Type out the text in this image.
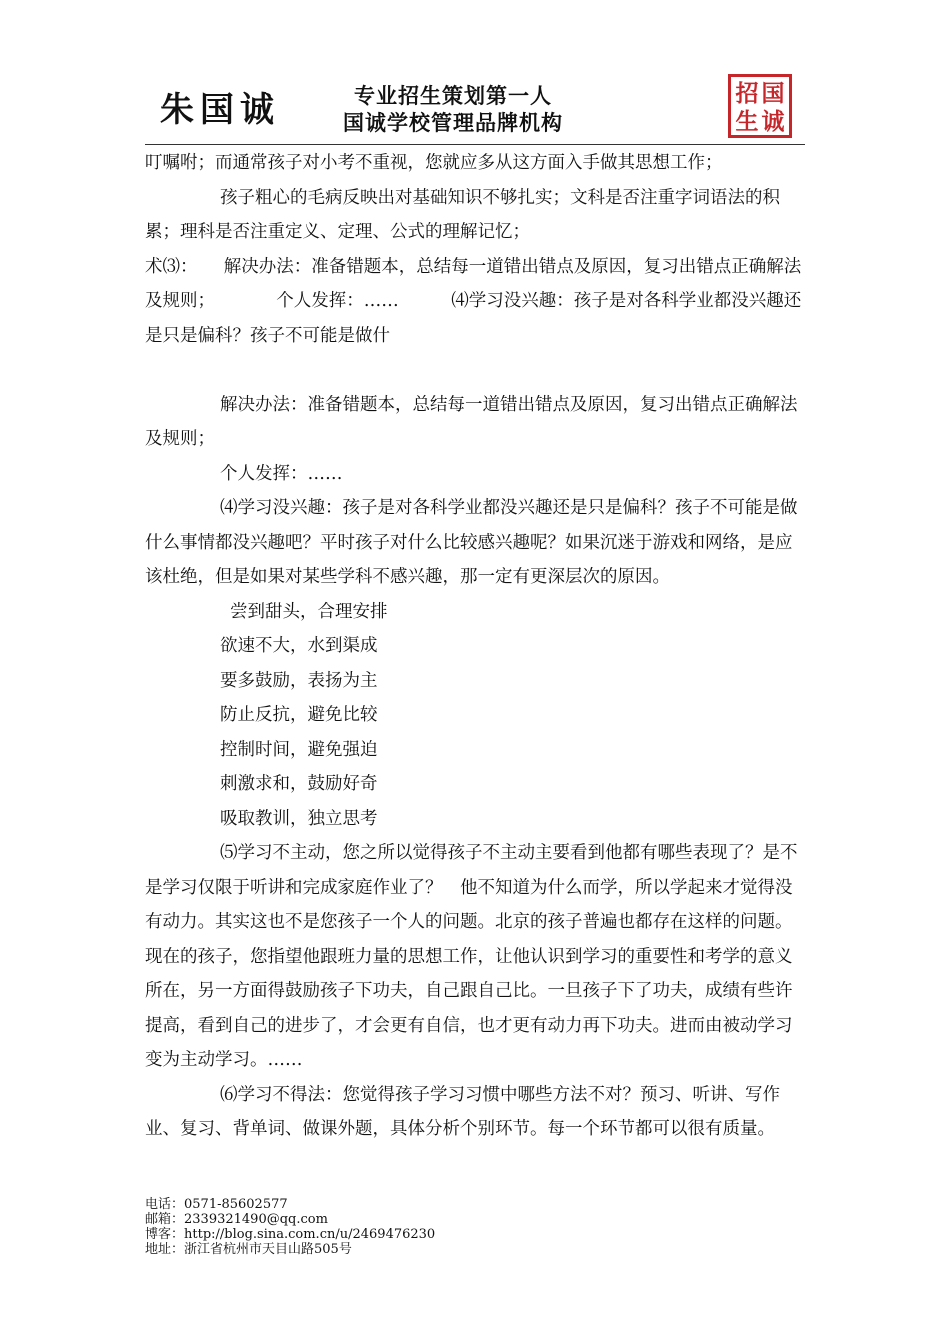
朱国诚	专业招生策划第一人
国诚学校管理品牌机构
招 国
生 诚

叮嘱咐；而通常孩子对小考不重视，您就应多从这方面入手做其思想工作；

孩子粗心的毛病反映出对基础知识不够扎实；文科是否注重字词语法的积累；理科是否注重定义、定理、公式的理解记忆；

术⑶：　　解决办法：准备错题本，总结每一道错出错点及原因，复习出错点正确解法及规则；　　　　个人发挥：……　　　⑷学习没兴趣：孩子是对各科学业都没兴趣还是只是偏科？孩子不可能是做什

解决办法：准备错题本，总结每一道错出错点及原因，复习出错点正确解法及规则；

个人发挥：……

⑷学习没兴趣：孩子是对各科学业都没兴趣还是只是偏科？孩子不可能是做什么事情都没兴趣吧？平时孩子对什么比较感兴趣呢？如果沉迷于游戏和网络，是应该杜绝，但是如果对某些学科不感兴趣，那一定有更深层次的原因。

尝到甜头，合理安排

欲速不大，水到渠成

要多鼓励，表扬为主

防止反抗，避免比较

控制时间，避免强迫

刺激求和，鼓励好奇

吸取教训，独立思考

⑸学习不主动，您之所以觉得孩子不主动主要看到他都有哪些表现了？是不是学习仅限于听讲和完成家庭作业了？　他不知道为什么而学，所以学起来才觉得没有动力。其实这也不是您孩子一个人的问题。北京的孩子普遍也都存在这样的问题。现在的孩子，您指望他跟班力量的思想工作，让他认识到学习的重要性和考学的意义所在，另一方面得鼓励孩子下功夫，自己跟自己比。一旦孩子下了功夫，成绩有些许提高，看到自己的进步了，才会更有自信，也才更有动力再下功夫。进而由被动学习变为主动学习。……

⑹学习不得法：您觉得孩子学习习惯中哪些方法不对？预习、听讲、写作业、复习、背单词、做课外题，具体分析个别环节。每一个环节都可以很有质量。

电话：0571-85602577
邮箱：2339321490@qq.com
博客：http://blog.sina.com.cn/u/2469476230
地址：浙江省杭州市天目山路505号
